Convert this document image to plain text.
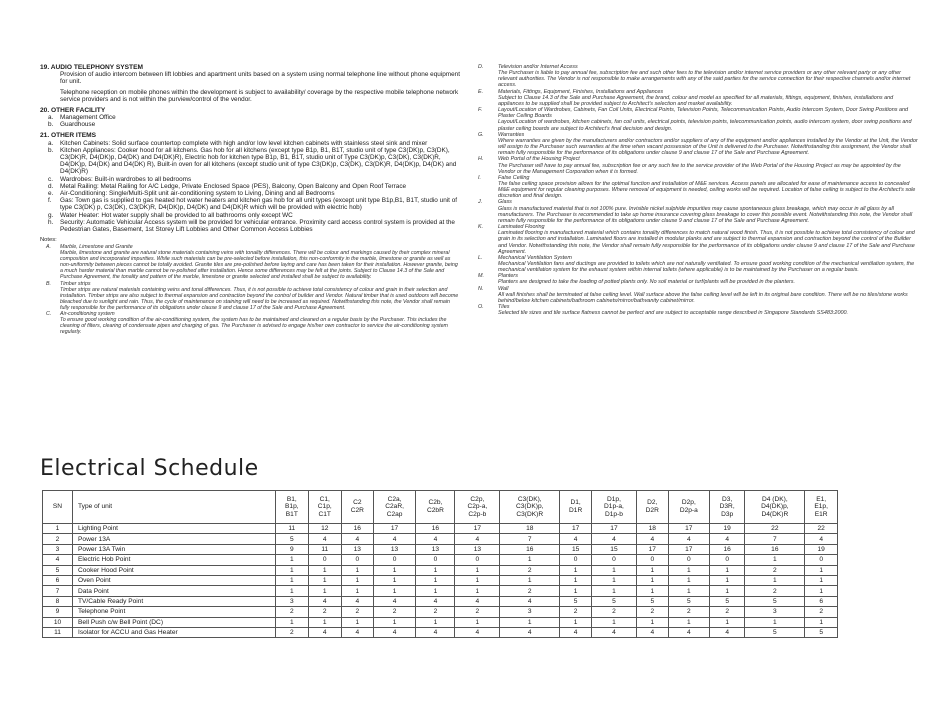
19. AUDIO TELEPHONY SYSTEM
Provision of audio intercom between lift lobbies and apartment units based on a system using normal telephone line without phone equipment for unit.
Telephone reception on mobile phones within the development is subject to availability/ coverage by the respective mobile telephone network service providers and is not within the purview/control of the vendor.
20. OTHER FACILITY
a.	Management Office
b.	Guardhouse
21. OTHER ITEMS
a.	Kitchen Cabinets: Solid surface countertop complete with high and/or low level kitchen cabinets with stainless steel sink and mixer
b.	Kitchen Appliances: Cooker hood for all kitchens. Gas hob for all kitchens (except type B1p, B1, B1T, studio unit of type C3(DK)p, C3(DK), C3(DK)R, D4(DK)p, D4(DK) and D4(DK)R), Electric hob for kitchen type B1p, B1, B1T, studio unit of Type C3(DK)p, C3(DK), C3(DK)R, D4(DK)p, D4(DK) and D4(DK) R), Built-in oven for all kitchens (except studio unit of type C3(DK)p, C3(DK), C3(DK)R, D4(DK)p, D4(DK) and D4(DK)R)
c.	Wardrobes: Built-in wardrobes to all bedrooms
d.	Metal Railing: Metal Railing for A/C Ledge, Private Enclosed Space (PES), Balcony, Open Balcony and Open Roof Terrace
e.	Air-Conditioning: Single/Multi-Split unit air-conditioning system to Living, Dining and all Bedrooms
f.	Gas: Town gas is supplied to gas heated hot water heaters and kitchen gas hob for all unit types (except unit type B1p,B1, B1T, studio unit of type C3(DK) p, C3(DK), C3(DK)R, D4(DK)p, D4(DK) and D4(DK)R which will be provided with electric hob)
g.	Water Heater: Hot water supply shall be provided to all bathrooms only except WC
h.	Security: Automatic Vehicular Access system will be provided for vehicular entrance. Proximity card access control system is provided at the Pedestrian Gates, Basement, 1st Storey Lift Lobbies and Other Common Access Lobbies
Notes:
A.	Marble, Limestone and Granite
Marble, limestone and granite are natural stone materials containing veins with tonality differences. There will be colour and markings caused by their complex mineral composition and incorporated impurities. While such materials can be pre-selected before installation, this non-conformity in the marble, limestone or granite as well as non-uniformity between pieces cannot be totally avoided. Granite tiles are pre-polished before laying and care has been taken for their installation. However granite, being a much harder material than marble cannot be re-polished after installation. Hence some differences may be felt at the joints. Subject to Clause 14.3 of the Sale and Purchase Agreement, the tonality and pattern of the marble, limestone or granite selected and installed shall be subject to availability.
B.	Timber strips
Timber strips are natural materials containing veins and tonal differences. Thus, it is not possible to achieve total consistency of colour and grain in their selection and installation. Timber strips are also subject to thermal expansion and contraction beyond the control of builder and Vendor. Natural timber that is used outdoors will become bleached due to sunlight and rain. Thus, the cycle of maintenance on staining will need to be increased as required. Notwithstanding this note, the Vendor shall remain fully responsible for the performance of its obligations under clause 9 and clause 17 of the Sale and Purchase Agreement.
C.	Air-conditioning system
To ensure good working condition of the air-conditioning system, the system has to be maintained and cleaned on a regular basis by the Purchaser. This includes the cleaning of filters, clearing of condensate pipes and charging of gas. The Purchaser is advised to engage his/her own contractor to service the air-conditioning system regularly.
D.	Television and/or Internet Access
The Purchaser is liable to pay annual fee, subscription fee and such other fees to the television and/or internet service providers or any other relevant party or any other relevant authorities. The Vendor is not responsible to make arrangements with any of the said parties for the service connection for their respective channels and/or internet access.
E.	Materials, Fittings, Equipment, Finishes, Installations and Appliances
Subject to Clause 14.3 of the Sale and Purchase Agreement, the brand, colour and model as specified for all materials, fittings, equipment, finishes, installations and appliances to be supplied shall be provided subject to Architect's selection and market availability.
F.	Layout/Location of Wardrobes, Cabinets, Fan Coil Units, Electrical Points, Television Points, Telecommunication Points, Audio Intercom System, Door Swing Positions and Plaster Ceiling Boards
Layout/Location of wardrobes, kitchen cabinets, fan coil units, electrical points, television points, telecommunication points, audio intercom system, door swing positions and plaster ceiling boards are subject to Architect's final decision and design.
G.	Warranties
Where warranties are given by the manufacturers and/or contractors and/or suppliers of any of the equipment and/or appliances installed by the Vendor at the Unit, the Vendor will assign to the Purchaser such warranties at the time when vacant possession of the Unit is delivered to the Purchaser. Notwithstanding this assignment, the Vendor shall remain fully responsible for the performance of its obligations under clause 9 and clause 17 of the Sale and Purchase Agreement.
H.	Web Portal of the Housing Project
The Purchaser will have to pay annual fee, subscription fee or any such fee to the service provider of the Web Portal of the Housing Project as may be appointed by the Vendor or the Management Corporation when it is formed.
I.	False Ceiling
The false ceiling space provision allows for the optimal function and installation of M&E services. Access panels are allocated for ease of maintenance access to concealed M&E equipment for regular cleaning purposes. Where removal of equipment is needed, ceiling works will be required. Location of false ceiling is subject to the Architect's sole discretion and final design.
J.	Glass
Glass is manufactured material that is not 100% pure. Invisible nickel sulphide impurities may cause spontaneous glass breakage, which may occur in all glass by all manufacturers. The Purchaser is recommended to take up home insurance covering glass breakage to cover this possible event. Notwithstanding this note, the Vendor shall remain fully responsible for the performance of its obligations under clause 9 and clause 17 of the Sale and Purchase Agreement.
K.	Laminated Flooring
Laminated flooring is manufactured material which contains tonality differences to match natural wood finish. Thus, it is not possible to achieve total consistency of colour and grain in its selection and installation. Laminated floors are installed in modular planks and are subject to thermal expansion and contraction beyond the control of the Builder and Vendor. Notwithstanding this note, the Vendor shall remain fully responsible for the performance of its obligations under clause 9 and clause 17 of the Sale and Purchase Agreement.
L.	Mechanical Ventilation System
Mechanical Ventilation fans and ductings are provided to toilets which are not naturally ventilated. To ensure good working condition of the mechanical ventilation system, the mechanical ventilation system for the exhaust system within internal toilets (where applicable) is to be maintained by the Purchaser on a regular basis.
M.	Planters
Planters are designed to take the loading of potted plants only. No soil material or turf/plants will be provided in the planters.
N.	Wall
All wall finishes shall be terminated at false ceiling level. Wall surface above the false ceiling level will be left in its original bare condition. There will be no tiles/stone works behind/below kitchen cabinets/bathroom cabinets/mirror/bathvanity cabinet/mirror.
O.	Tiles
Selected tile sizes and tile surface flatness cannot be perfect and are subject to acceptable range described in Singapore Standards SS483:2000.
Electrical Schedule
SN	Type of unit	B1,
B1p,
B1T	C1,
C1p,
C1T	C2
C2R	C2a,
C2aR,
C2ap	C2b,
C2bR	C2p,
C2p-a,
C2p-b	C3(DK),
C3(DK)p,
C3(DK)R	D1,
D1R	D1p,
D1p-a,
D1p-b	D2,
D2R	D2p,
D2p-a	D3,
D3R,
D3p	D4 (DK),
D4(DK)p,
D4(DK)R	E1,
E1p,
E1R
1	Lighting Point	11	12	16	17	16	17	18	17	17	18	17	19	22	22
2	Power 13A	5	4	4	4	4	4	7	4	4	4	4	4	7	4
3	Power 13A Twin	9	11	13	13	13	13	16	15	15	17	17	16	16	19
4	Electric Hob Point	1	0	0	0	0	0	1	0	0	0	0	0	1	0
5	Cooker Hood Point	1	1	1	1	1	1	2	1	1	1	1	1	2	1
6	Oven Point	1	1	1	1	1	1	1	1	1	1	1	1	1	1
7	Data Point	1	1	1	1	1	1	2	1	1	1	1	1	2	1
8	TV/Cable Ready Point	3	4	4	4	4	4	4	5	5	5	5	5	5	6
9	Telephone Point	2	2	2	2	2	2	3	2	2	2	2	2	3	2
10	Bell Push c/w Bell Point (DC)	1	1	1	1	1	1	1	1	1	1	1	1	1	1
11	Isolator for ACCU and Gas Heater	2	4	4	4	4	4	4	4	4	4	4	4	5	5
